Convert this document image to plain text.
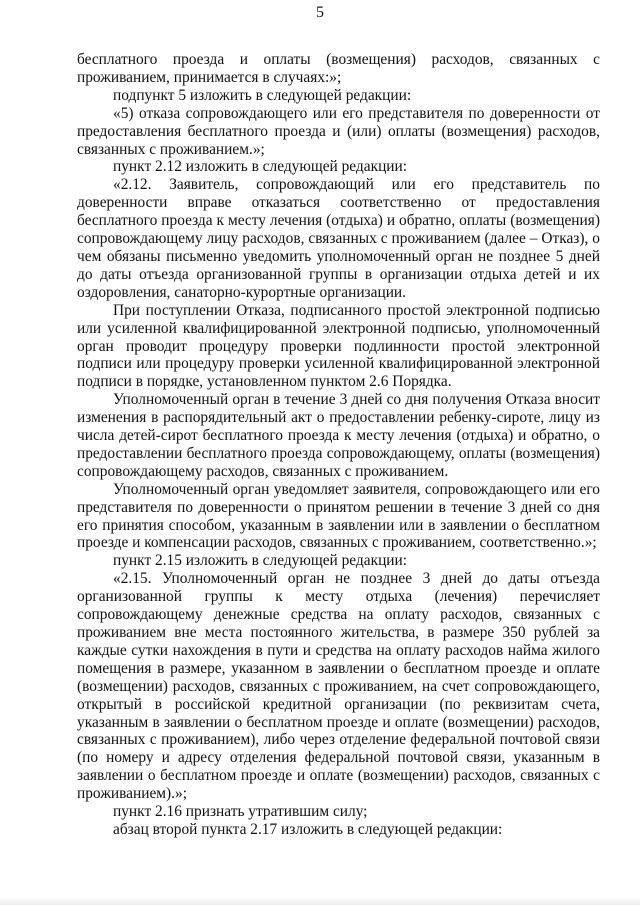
5

бесплатного проезда и оплаты (возмещения) расходов, связанных с проживанием, принимается в случаях:»;

подпункт 5 изложить в следующей редакции:

«5) отказа сопровождающего или его представителя по доверенности от предоставления бесплатного проезда и (или) оплаты (возмещения) расходов, связанных с проживанием.»;

пункт 2.12 изложить в следующей редакции:

«2.12. Заявитель, сопровождающий или его представитель по доверенности вправе отказаться соответственно от предоставления бесплатного проезда к месту лечения (отдыха) и обратно, оплаты (возмещения) сопровождающему лицу расходов, связанных с проживанием (далее – Отказ), о чем обязаны письменно уведомить уполномоченный орган не позднее 5 дней до даты отъезда организованной группы в организации отдыха детей и их оздоровления, санаторно-курортные организации.

При поступлении Отказа, подписанного простой электронной подписью или усиленной квалифицированной электронной подписью, уполномоченный орган проводит процедуру проверки подлинности простой электронной подписи или процедуру проверки усиленной квалифицированной электронной подписи в порядке, установленном пунктом 2.6 Порядка.

Уполномоченный орган в течение 3 дней со дня получения Отказа вносит изменения в распорядительный акт о предоставлении ребенку-сироте, лицу из числа детей-сирот бесплатного проезда к месту лечения (отдыха) и обратно, о предоставлении бесплатного проезда сопровождающему, оплаты (возмещения) сопровождающему расходов, связанных с проживанием.

Уполномоченный орган уведомляет заявителя, сопровождающего или его представителя по доверенности о принятом решении в течение 3 дней со дня его принятия способом, указанным в заявлении или в заявлении о бесплатном проезде и компенсации расходов, связанных с проживанием, соответственно.»;

пункт 2.15 изложить в следующей редакции:

«2.15. Уполномоченный орган не позднее 3 дней до даты отъезда организованной группы к месту отдыха (лечения) перечисляет сопровождающему денежные средства на оплату расходов, связанных с проживанием вне места постоянного жительства, в размере 350 рублей за каждые сутки нахождения в пути и средства на оплату расходов найма жилого помещения в размере, указанном в заявлении о бесплатном проезде и оплате (возмещении) расходов, связанных с проживанием, на счет сопровождающего, открытый в российской кредитной организации (по реквизитам счета, указанным в заявлении о бесплатном проезде и оплате (возмещении) расходов, связанных с проживанием), либо через отделение федеральной почтовой связи (по номеру и адресу отделения федеральной почтовой связи, указанным в заявлении о бесплатном проезде и оплате (возмещении) расходов, связанных с проживанием).»;

пункт 2.16 признать утратившим силу;

абзац второй пункта 2.17 изложить в следующей редакции:
